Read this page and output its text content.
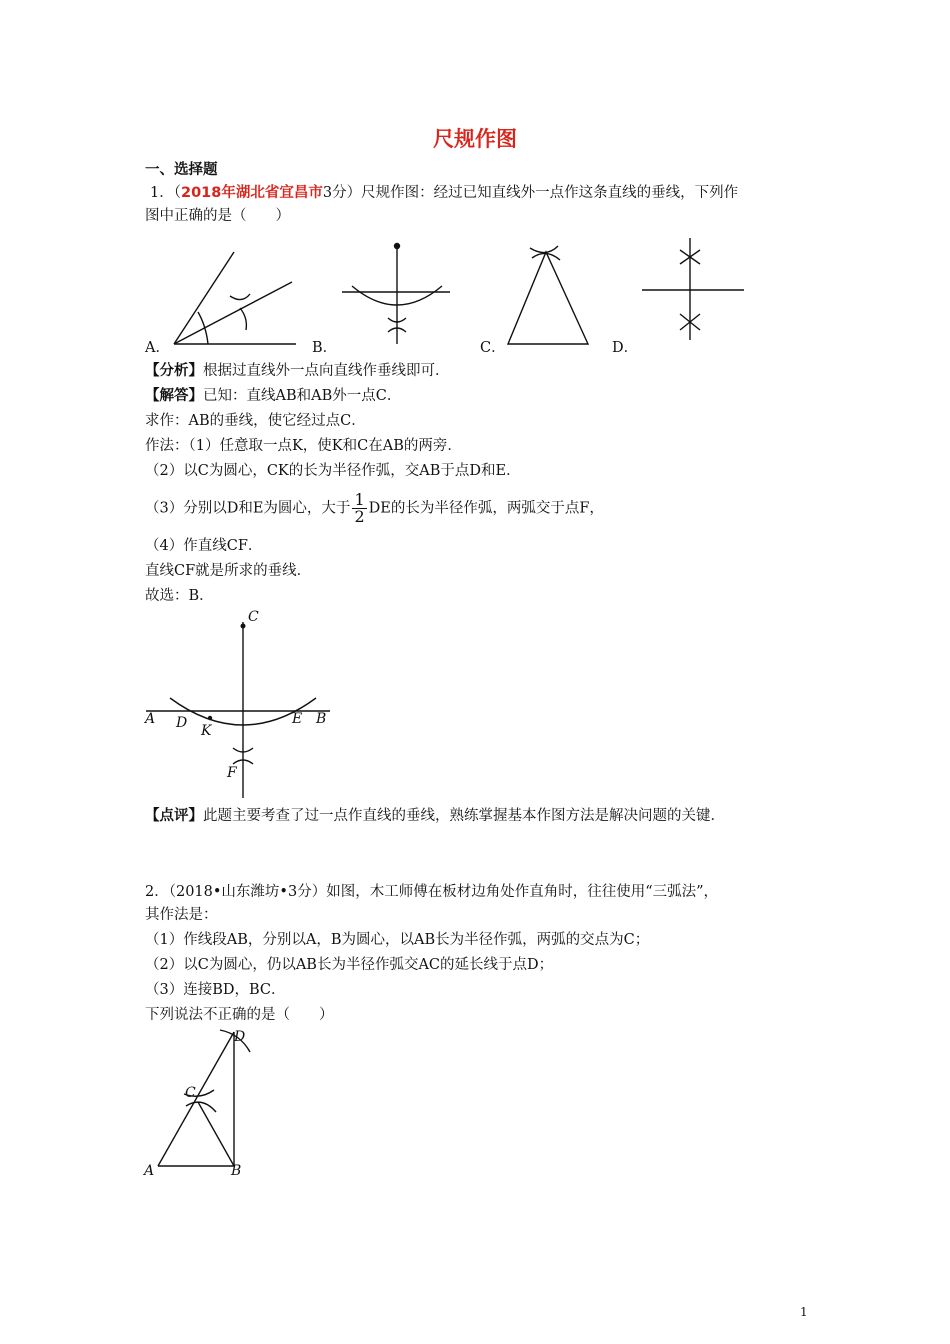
尺规作图
一、选择题
1．（2018年湖北省宜昌市3分）尺规作图：经过已知直线外一点作这条直线的垂线，下列作
图中正确的是（　　）
A．	B．	C．	D．
【分析】根据过直线外一点向直线作垂线即可．
【解答】已知：直线AB和AB外一点C．
求作：AB的垂线，使它经过点C．
作法：（1）任意取一点K，使K和C在AB的两旁．
（2）以C为圆心，CK的长为半径作弧，交AB于点D和E．
（3）分别以D和E为圆心，大于 $\frac{1}{2}$ DE的长为半径作弧，两弧交于点F，
（4）作直线CF．
直线CF就是所求的垂线．
故选：B．
C
A D K
E B
F
【点评】此题主要考查了过一点作直线的垂线，熟练掌握基本作图方法是解决问题的关键．
2．（2018•山东潍坊•3分）如图，木工师傅在板材边角处作直角时，往往使用“三弧法”，
其作法是：
（1）作线段AB，分别以A，B为圆心，以AB长为半径作弧，两弧的交点为C；
（2）以C为圆心，仍以AB长为半径作弧交AC的延长线于点D；
（3）连接BD，BC．
下列说法不正确的是（　　）
D
C
A	B
1
